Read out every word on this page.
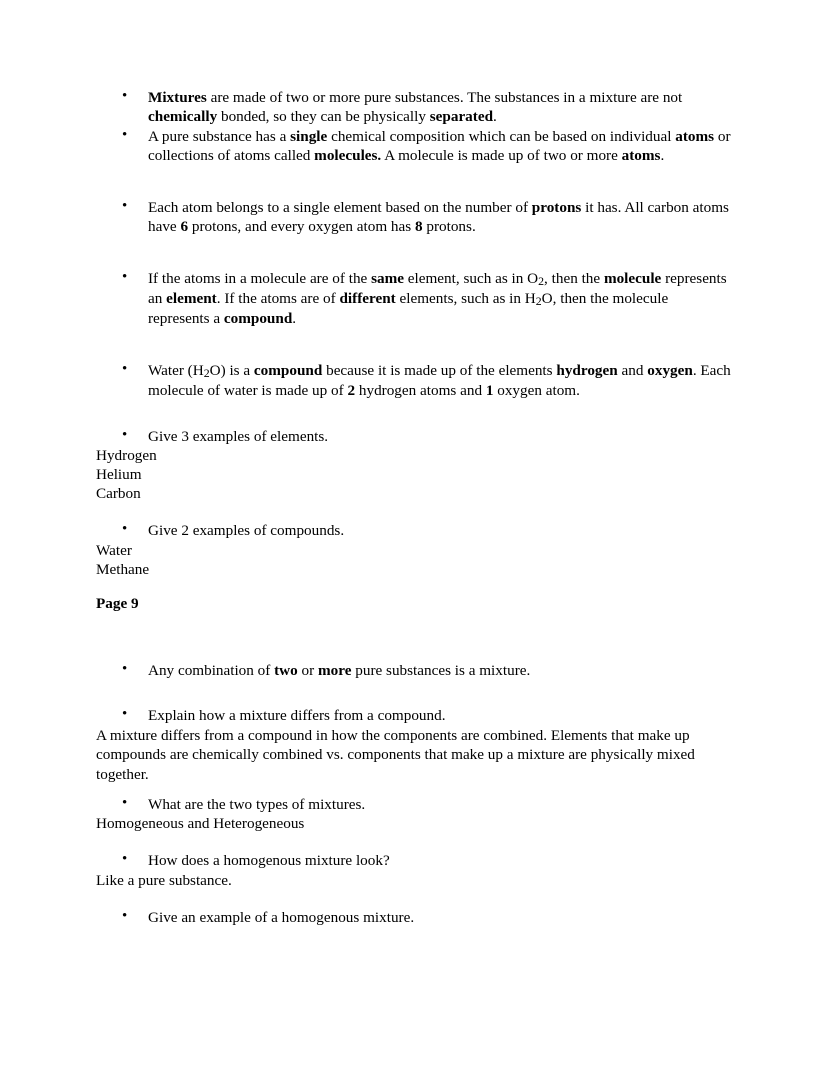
• Mixtures are made of two or more pure substances. The substances in a mixture are not chemically bonded, so they can be physically separated.
• A pure substance has a single chemical composition which can be based on individual atoms or collections of atoms called molecules. A molecule is made up of two or more atoms.
• Each atom belongs to a single element based on the number of protons it has. All carbon atoms have 6 protons, and every oxygen atom has 8 protons.
• If the atoms in a molecule are of the same element, such as in O2, then the molecule represents an element. If the atoms are of different elements, such as in H2O, then the molecule represents a compound.
• Water (H2O) is a compound because it is made up of the elements hydrogen and oxygen. Each molecule of water is made up of 2 hydrogen atoms and 1 oxygen atom.
• Give 3 examples of elements.

Hydrogen

Helium

Carbon

• Give 2 examples of compounds.

Water

Methane

Page 9

• Any combination of two or more pure substances is a mixture.
• Explain how a mixture differs from a compound.

A mixture differs from a compound in how the components are combined. Elements that make up compounds are chemically combined vs. components that make up a mixture are physically mixed together.

• What are the two types of mixtures.

Homogeneous and Heterogeneous

• How does a homogenous mixture look?

Like a pure substance.

• Give an example of a homogenous mixture.
